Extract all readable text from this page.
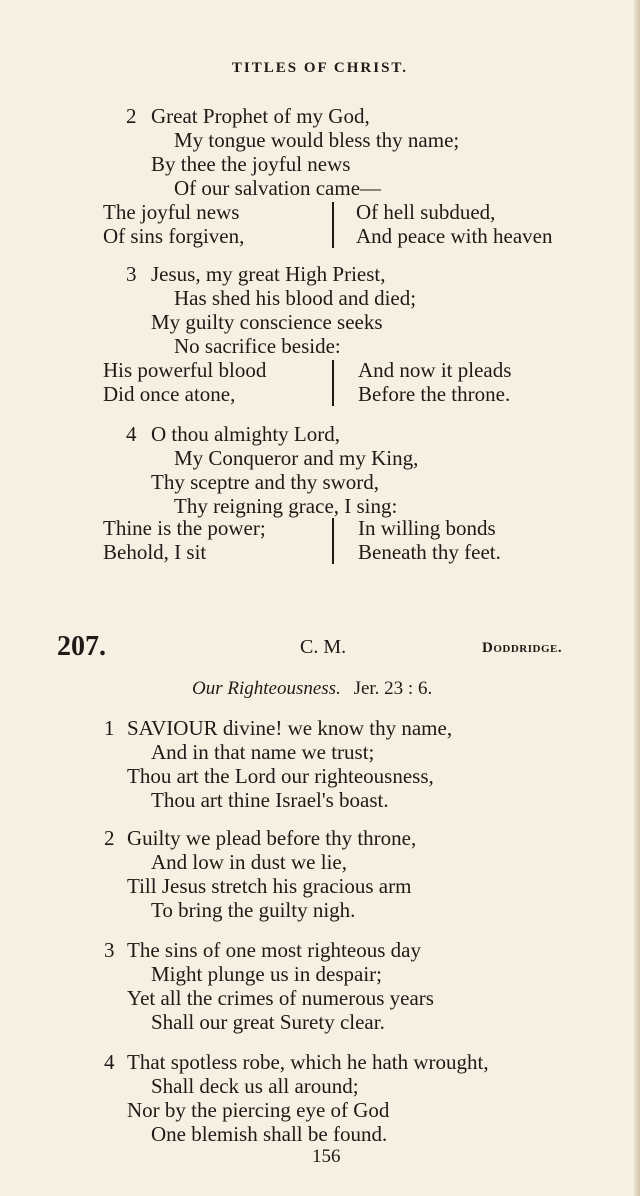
TITLES OF CHRIST.
2 Great Prophet of my God,
My tongue would bless thy name;
By thee the joyful news
Of our salvation came—
The joyful news
Of sins forgiven,
Of hell subdued,
And peace with heaven
3 Jesus, my great High Priest,
Has shed his blood and died;
My guilty conscience seeks
No sacrifice beside:
His powerful blood
Did once atone,
And now it pleads
Before the throne.
4 O thou almighty Lord,
My Conqueror and my King,
Thy sceptre and thy sword,
Thy reigning grace, I sing:
Thine is the power;
Behold, I sit
In willing bonds
Beneath thy feet.
207.	C. M.	Doddridge.
Our Righteousness. Jer. 23 : 6.
1 SAVIOUR divine! we know thy name,
And in that name we trust;
Thou art the Lord our righteousness,
Thou art thine Israel's boast.
2 Guilty we plead before thy throne,
And low in dust we lie,
Till Jesus stretch his gracious arm
To bring the guilty nigh.
3 The sins of one most righteous day
Might plunge us in despair;
Yet all the crimes of numerous years
Shall our great Surety clear.
4 That spotless robe, which he hath wrought,
Shall deck us all around;
Nor by the piercing eye of God
One blemish shall be found.
156
